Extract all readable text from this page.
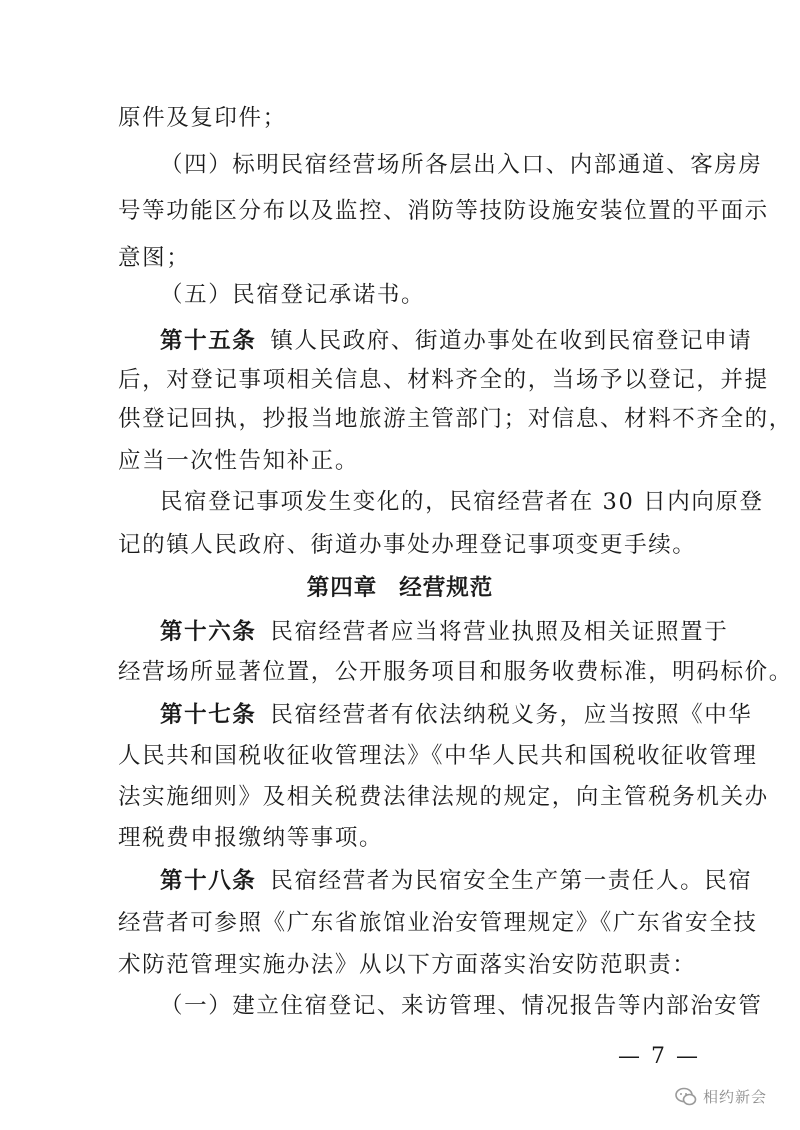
原件及复印件；
（四）标明民宿经营场所各层出入口、内部通道、客房房
号等功能区分布以及监控、消防等技防设施安装位置的平面示
意图；
（五）民宿登记承诺书。
第十五条 镇人民政府、街道办事处在收到民宿登记申请
后，对登记事项相关信息、材料齐全的，当场予以登记，并提
供登记回执，抄报当地旅游主管部门；对信息、材料不齐全的，
应当一次性告知补正。
民宿登记事项发生变化的，民宿经营者在 30 日内向原登
记的镇人民政府、街道办事处办理登记事项变更手续。
第四章 经营规范
第十六条 民宿经营者应当将营业执照及相关证照置于
经营场所显著位置，公开服务项目和服务收费标准，明码标价。
第十七条 民宿经营者有依法纳税义务，应当按照《中华
人民共和国税收征收管理法》《中华人民共和国税收征收管理
法实施细则》及相关税费法律法规的规定，向主管税务机关办
理税费申报缴纳等事项。
第十八条 民宿经营者为民宿安全生产第一责任人。民宿
经营者可参照《广东省旅馆业治安管理规定》《广东省安全技
术防范管理实施办法》从以下方面落实治安防范职责：
（一）建立住宿登记、来访管理、情况报告等内部治安管
— 7 —
相约新会
